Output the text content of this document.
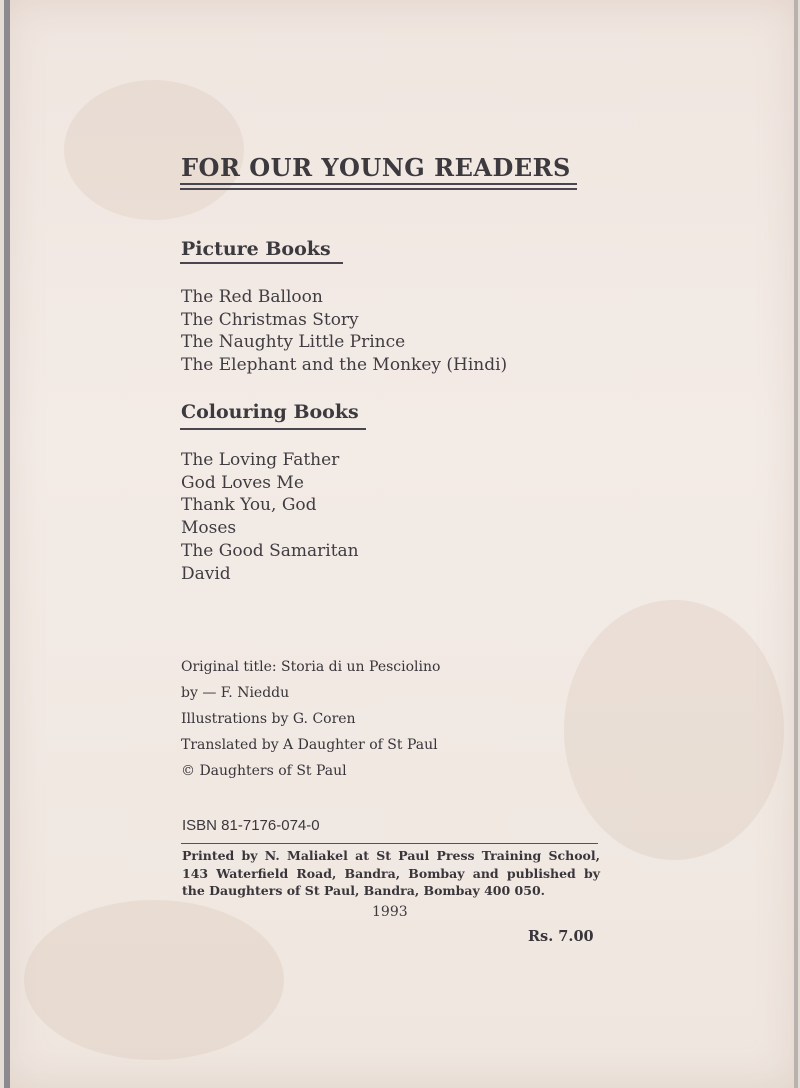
FOR OUR YOUNG READERS
Picture Books
The Red Balloon
The Christmas Story
The Naughty Little Prince
The Elephant and the Monkey (Hindi)
Colouring Books
The Loving Father
God Loves Me
Thank You, God
Moses
The Good Samaritan
David
Original title: Storia di un Pesciolino
by — F. Nieddu
Illustrations by G. Coren
Translated by A Daughter of St Paul
© Daughters of St Paul
ISBN 81-7176-074-0
Printed by N. Maliakel at St Paul Press Training School, 143 Waterfield Road, Bandra, Bombay and published by the Daughters of St Paul, Bandra, Bombay 400 050.
1993
Rs. 7.00
